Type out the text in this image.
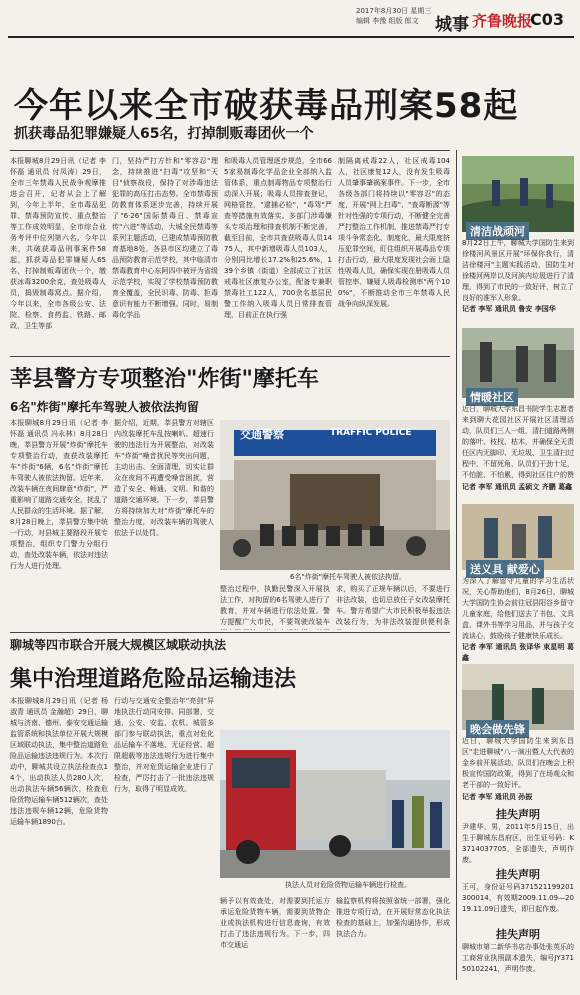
2017年8月30日 星期三
编辑 李豫 组版 郎文 城事 齐鲁晚报
C03
今年以来全市破获毒品刑案58起
抓获毒品犯罪嫌疑人65名，打掉制贩毒团伙一个
本报聊城8月29日讯（记者 李怀磊 通讯员 付凤涛）29日，全市三年禁毒人民战争观摩推进会召开，记者从会上了解到，今年上半年，全市毒品犯罪、禁毒预防宣传、重点整治等工作成效明显，全市综合业务考评中位列第六名。今年以来，共破获毒品刑事案件58起，抓获毒品犯罪嫌疑人65名，打掉制贩毒团伙一个，缴获冰毒3200余克，查处吸毒人员，捣毁制毒窝点。据介绍，今年以来，全市各级公安、法院、检察、食药监、铁路、邮政、卫生等部
门，坚持严打方针和"零容忍"理念，持续推进"扫毒"攻坚和"天目"侦察战役，保持了对涉毒违法犯罪的高压打击态势。全市禁毒预防教育体系逐步完善，持续开展了"6·26"国际禁毒日、禁毒宣传"六进"等活动，大城全民禁毒等系列主题活动，已建成禁毒预防教育基地8处，各县市区均建立了毒品预防教育示范学校，其中临清市禁毒教育中心东阿四中被评为省级示范学校，实现了学校禁毒预防教育全覆盖，全民识毒、防毒、拒毒意识有能力不断增强。同时，易制毒化学品
和吸毒人员管理逐步规范，全市665家易制毒化学品企业全部纳入监管体系，重点制毒物品专项整治行动深入开展；吸毒人员排查登记、网格管控，"逮捕必检"，"毒驾"严查等措施有效落实。多部门涉毒嫌头专项治理和排查机制不断完善，截至目前，全市共查获吸毒人员1475人，其中新增吸毒人员103人，分别同比增长17.2%和25.6%，139个乡镇（街道）全部成立了社区戒毒社区康复办公室，配备专兼职禁毒社工122人，700余名基层民警工作纳入吸毒人员日常排查管理，目前正在执行强
制隔离戒毒22人，社区戒毒104人，社区康复12人，没有发生吸毒人员肇事肇祸案事件。下一步，全市各级各部门将持续以"零容忍"的态度，开展"网上扫毒"、"查毒断源"等针对性强的专项行动，不断健全完善严打整治工作机制，推进禁毒严打专项斗争常态化、制度化，最大限度挤压犯罪空间，盯住组织开展毒品专项打击行动，最大限度发现社会面上隐性吸毒人员，确保实现在册吸毒人员管控率、嫌疑人吸毒检测率"两个100%"，不断推动全市三年禁毒人民战争向纵深发展。
清洁战顽河
8月22日上午，聊城大学国防生来到徐楼河风景区开展"环保你我行，清洁徐楼河"主题实践活动，国防生对徐楼河两岸以及河滨内垃圾进行了清理，得到了市民的一致好评，树立了良好的准军人形象。
记者 李军 通讯员 鲁安 李国华
情暖社区
近日，聊城大学东昌书院学生志愿者来到聊大花园社区开展社区清理活动，队员们三人一组，清扫道路两侧的落叶、枝杈、枯木，并确保全天责任区内无脚印、无垃圾、卫生清扫过程中，不留死角，队员们干劲十足，不怕脏、不怕累，得到社区住户的赞
记者 李军 通讯员 孟硕文 齐鹏 葛鑫
送义具 献爱心
为深入了解留守儿童的学习生活状况，关心帮助他们，8月26日，聊城大学国防生协会前往冠县阳谷乡留守儿童家庭，给他们送去了书包、文具盒、课外书等学习用品，并与孩子交流谈心，鼓励孩子健康快乐成长。
记者 李军 通讯员 张译华 束星明 葛鑫
晚会做先锋
近日，聊城大学国防生来到东昌区"走进聊城"八一演出暨人大代表的金乡前开展活动，队员们在晚会上积极宣传国防政策，得到了在场观众和老干部的一致好评。
记者 李军 通讯员 孙振
挂失声明
尹建华，男，2011年5月15日，出生于聊城东昌府区，出生证号码：K3714037705，全部遗失，声明作废。
挂失声明
王可，身份证号码371521199201300014，有效期2009.11.09—2019.11.09日遗失，即日起作废。
挂失声明
聊城市第二新华书店办事处张英乐的工商营业执照副本遗失，编号JY37150102241，声明作废。
莘县警方专项整治"炸街"摩托车
6名"炸街"摩托车驾驶人被依法拘留
本报聊城8月29日讯（记者 李怀磊 通讯员 冯永林）8月28日晚，莘县警方开展"炸街"摩托车专项整治行动，查获改装摩托车"炸街"6辆，6名"炸街"摩托车驾驶人被依法拘留。近年来，改装车辆在夜间肆意"炸街"，严重影响了道路交通安全，扰乱了人民群众的生活环境。据了解，8月28日晚上，莘县警方集中统一行动，对县城主要路段开展专项整治，组织专门警力分组行动，查处改装车辆，依法对违法行为人进行处理。
据介绍，近期，莘县警方对辖区内改装摩托车乱按喇叭、超速行驶的违法行为开展整治，对改装车"炸街"噪音扰民等突出问题，主动出击、全面清理，切实让群众在夜间不再遭受噪音困扰，营造了安全、畅通、文明、和谐的道路交通环境。下一步，莘县警方将持续加大对"炸街"摩托车的整治力度，对改装车辆的驾驶人依法予以处罚。
交通警察	TRAFFIC POLICE
6名"炸街"摩托车驾驶人被依法拘留。
整治过程中，执勤民警深入开展执法工作，对拘留的6名驾驶人进行了教育，并对车辆进行依法处置。警方提醒广大市民，不要驾驶改装车
求，购买了正规车辆以后，不要进行非法改装，也切忌放任子女改装摩托车。警方希望广大市民积极举报违法改装行为，为非法改装提供便利条
聊城等四市联合开展大规模区域联动执法
集中治理道路危险品运输违法
本报聊城8月29日讯（记者 杨淑青 通讯员 金瀚超）29日，聊城与济南、德州、泰安交通运输监管系统和执法单位开展大规模区域联动执法，集中整治道路危险品运输违法违规行为。本次行动中，聊城共设立执法检查点14个，出动执法人员280人次，出动执法车辆56辆次，检查危险货物运输车辆512辆次，查处违法违规车辆12辆，危险货物运输车辆1890台。
行动与交通安全整治年"亮剑"异地执法行动同安排、同部署，交通、公安、安监、农机、城管多部门参与联动执法，重点对危化品运输车不落地、无证经营、超限超载等违法违规行为进行集中整治，并对危货运输企业进行了检查，严厉打击了一批违法违规行为，取得了明显成效。
执法人员对危险货物运输车辆进行检查。
辆予以有效查处，对需要到托运方承运危险货物车辆，需要到货物企业或执法机构进行信息查询，有效打击了违法违规行为。下一步，四市交通运
输监察机构将按照省统一部署，强化推进专项行动，在开展好常态化执法检查的基础上，加强沟通协作，形成执法合力。
